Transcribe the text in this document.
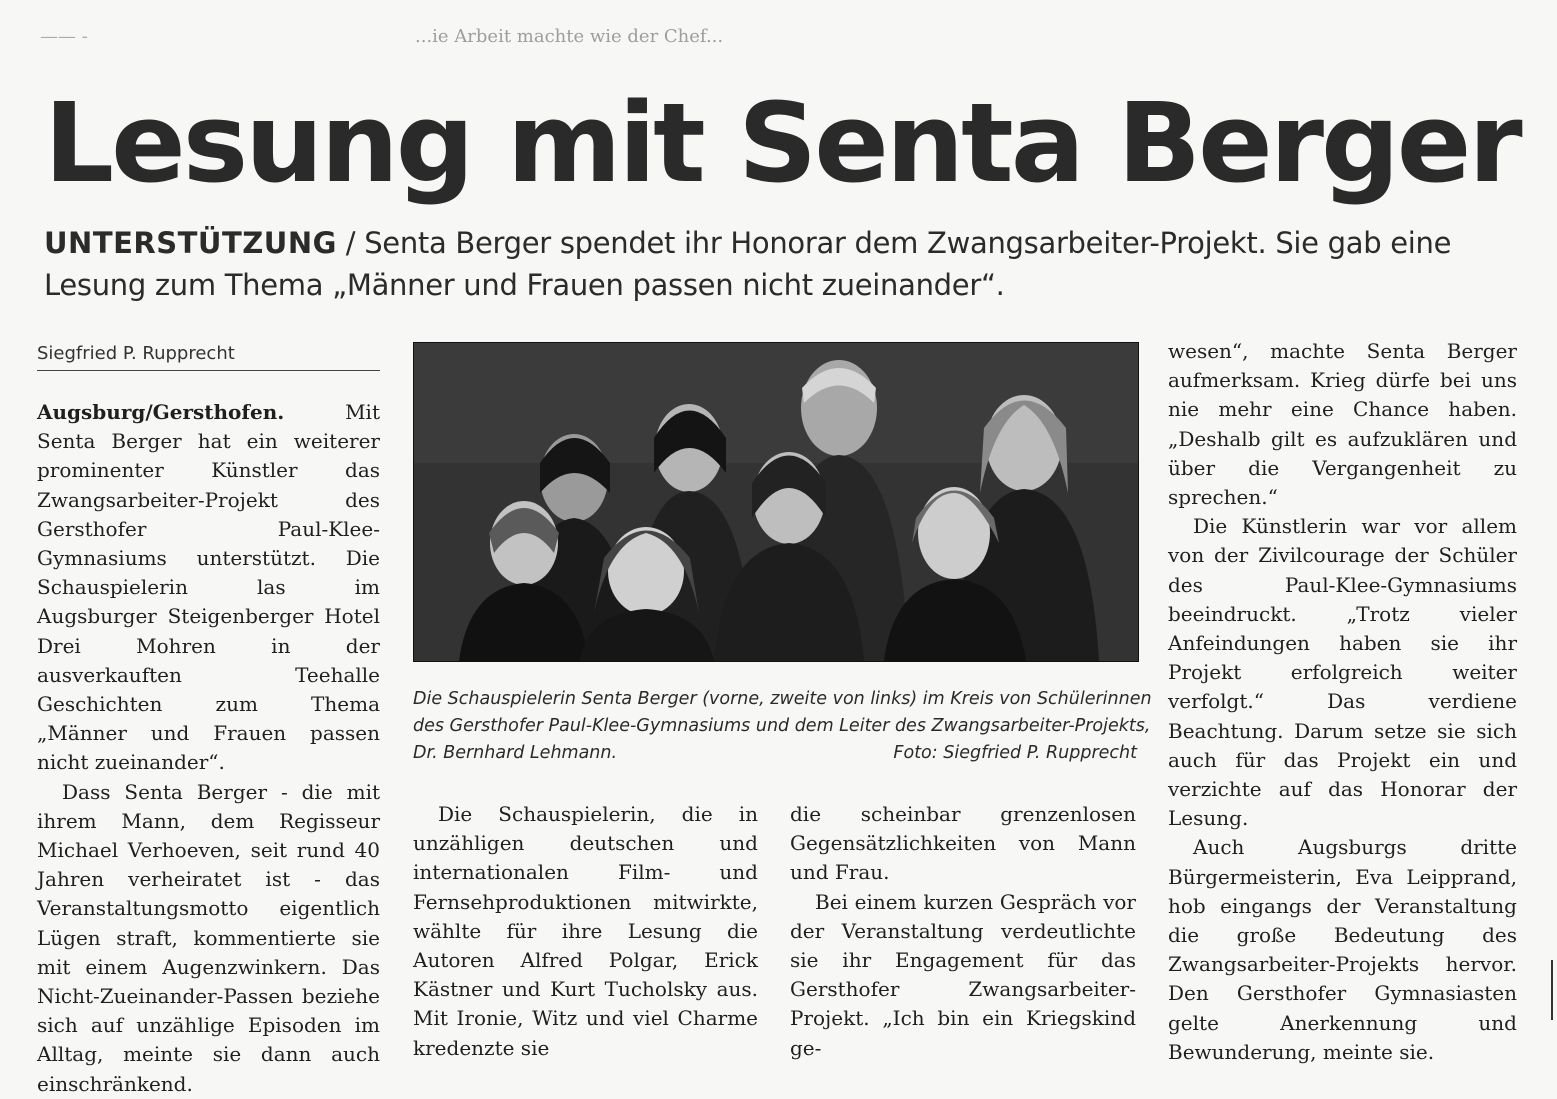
—— -	...ie Arbeit machte wie der Chef...
Lesung mit Senta Berger

UNTERSTÜTZUNG / Senta Berger spendet ihr Honorar dem Zwangsarbeiter-Projekt. Sie gab eine Lesung zum Thema „Männer und Frauen passen nicht zueinander“.

Siegfried P. Rupprecht

Augsburg/Gersthofen.	Mit Senta Berger hat ein weiterer prominenter Künstler das Zwangsarbeiter-Projekt des Gersthofer Paul-Klee-Gymnasiums unterstützt. Die Schauspielerin las im Augsburger Steigenberger Hotel Drei Mohren in der ausverkauften Teehalle Geschichten zum Thema „Männer und Frauen passen nicht zueinander“.

Dass Senta Berger - die mit ihrem Mann, dem Regisseur Michael Verhoeven, seit rund 40 Jahren verheiratet ist - das Veranstaltungsmotto eigentlich Lügen straft, kommentierte sie mit einem Augenzwinkern. Das Nicht-Zueinander-Passen beziehe sich auf unzählige Episoden im Alltag, meinte sie dann auch einschränkend.

Die Schauspielerin Senta Berger (vorne, zweite von links) im Kreis von Schülerinnen
des Gersthofer Paul-Klee-Gymnasiums und dem Leiter des Zwangsarbeiter-Projekts,
Dr. Bernhard Lehmann.	Foto: Siegfried P. Rupprecht

Die Schauspielerin, die in unzähligen deutschen und internationalen Film- und Fernsehproduktionen mitwirkte, wählte für ihre Lesung die Autoren Alfred Polgar, Erick Kästner und Kurt Tucholsky aus. Mit Ironie, Witz und viel Charme kredenzte sie

die scheinbar grenzenlosen Gegensätzlichkeiten von Mann und Frau.

Bei einem kurzen Gespräch vor der Veranstaltung verdeutlichte sie ihr Engagement für das Gersthofer Zwangsarbeiter-Projekt. „Ich bin ein Kriegskind ge-

wesen“, machte Senta Berger aufmerksam. Krieg dürfe bei uns nie mehr eine Chance haben. „Deshalb gilt es aufzuklären und über die Vergangenheit zu sprechen.“

Die Künstlerin war vor allem von der Zivilcourage der Schüler des Paul-Klee-Gymnasiums beeindruckt. „Trotz vieler Anfeindungen haben sie ihr Projekt erfolgreich weiter verfolgt.“ Das verdiene Beachtung. Darum setze sie sich auch für das Projekt ein und verzichte auf das Honorar der Lesung.

Auch Augsburgs dritte Bürgermeisterin, Eva Leipprand, hob eingangs der Veranstaltung die große Bedeutung des Zwangsarbeiter-Projekts hervor. Den Gersthofer Gymnasiasten gelte Anerkennung und Bewunderung, meinte sie.
